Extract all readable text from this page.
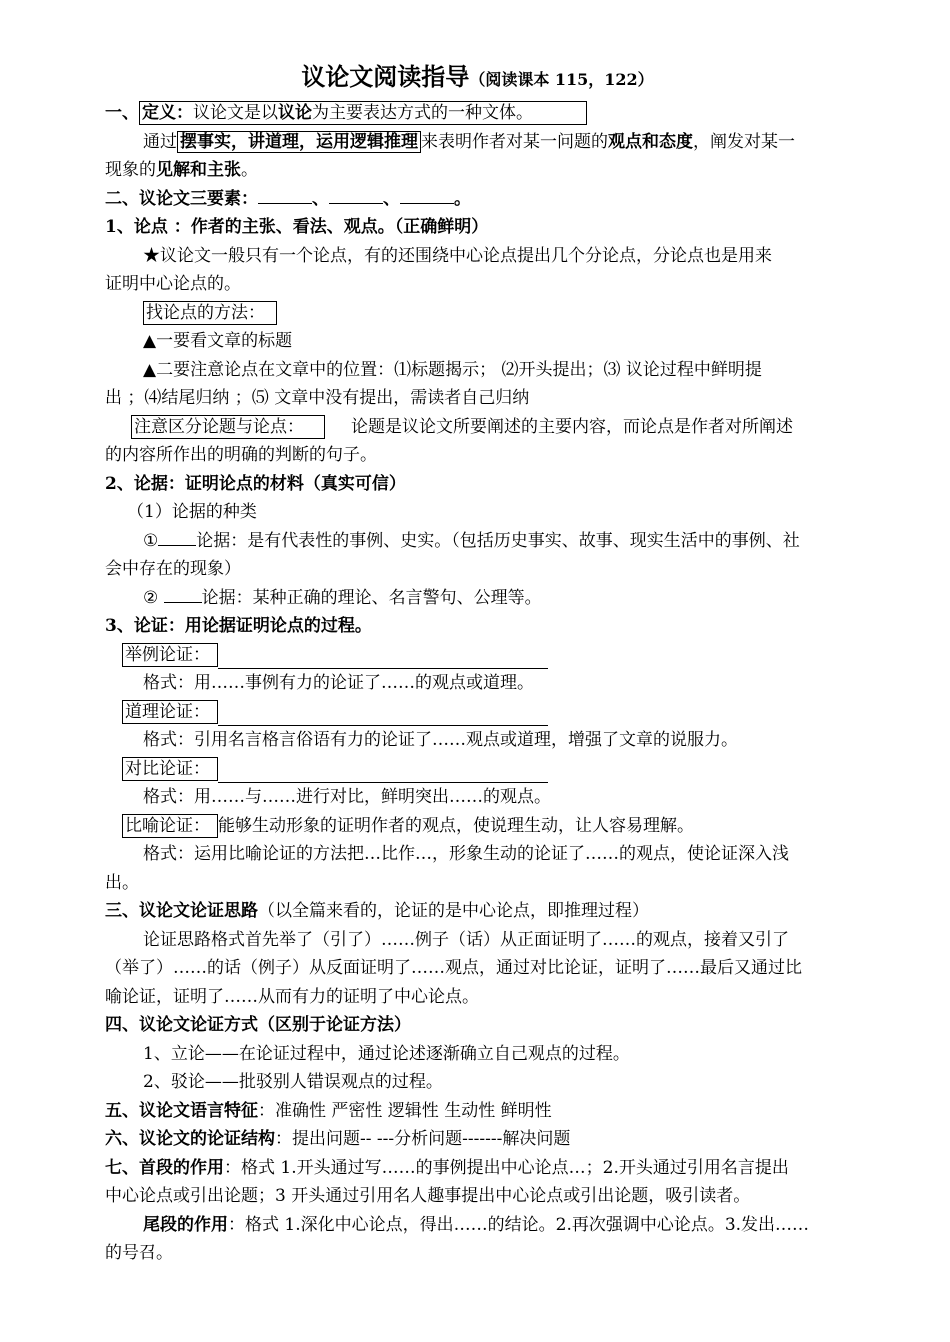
议论文阅读指导（阅读课本 115，122）
一、 定义：议论文是以议论为主要表达方式的一种文体。
通过 摆事实，讲道理，运用逻辑推理 来表明作者对某一问题的观点和态度，阐发对某一
现象的见解和主张。
二、议论文三要素：	、	、	。
1、论点 ：作者的主张、看法、观点。（正确鲜明）
★议论文一般只有一个论点，有的还围绕中心论点提出几个分论点，分论点也是用来
证明中心论点的。
找论点的方法：
▲一要看文章的标题
▲二要注意论点在文章中的位置：⑴标题揭示； ⑵开头提出；⑶ 议论过程中鲜明提
出 ；⑷结尾归纳 ；⑸ 文章中没有提出，需读者自己归纳
注意区分论题与论点：	论题是议论文所要阐述的主要内容，而论点是作者对所阐述
的内容所作出的明确的判断的句子。
2、论据：证明论点的材料（真实可信）
（1）论据的种类
① 论据：是有代表性的事例、史实。（包括历史事实、故事、现实生活中的事例、社
会中存在的现象）
②	论据：某种正确的理论、名言警句、公理等。
3、论证：用论据证明论点的过程。
举例论证：
格式：用……事例有力的论证了……的观点或道理。
道理论证：
格式：引用名言格言俗语有力的论证了……观点或道理，增强了文章的说服力。
对比论证：
格式：用……与……进行对比，鲜明突出……的观点。
比喻论证： 能够生动形象的证明作者的观点，使说理生动，让人容易理解。
格式：运用比喻论证的方法把…比作…，形象生动的论证了……的观点，使论证深入浅
出。
三、议论文论证思路（以全篇来看的，论证的是中心论点，即推理过程）
论证思路格式首先举了（引了）……例子（话）从正面证明了……的观点，接着又引了
（举了）……的话（例子）从反面证明了……观点，通过对比论证，证明了……最后又通过比
喻论证，证明了……从而有力的证明了中心论点。
四、议论文论证方式（区别于论证方法）
1、立论——在论证过程中，通过论述逐渐确立自己观点的过程。
2、驳论——批驳别人错误观点的过程。
五、议论文语言特征：准确性 严密性 逻辑性 生动性 鲜明性
六、议论文的论证结构：提出问题-- ---分析问题-------解决问题
七、首段的作用：格式 1.开头通过写……的事例提出中心论点…；2.开头通过引用名言提出
中心论点或引出论题；3 开头通过引用名人趣事提出中心论点或引出论题，吸引读者。
尾段的作用：格式 1.深化中心论点，得出……的结论。2.再次强调中心论点。3.发出……
的号召。
